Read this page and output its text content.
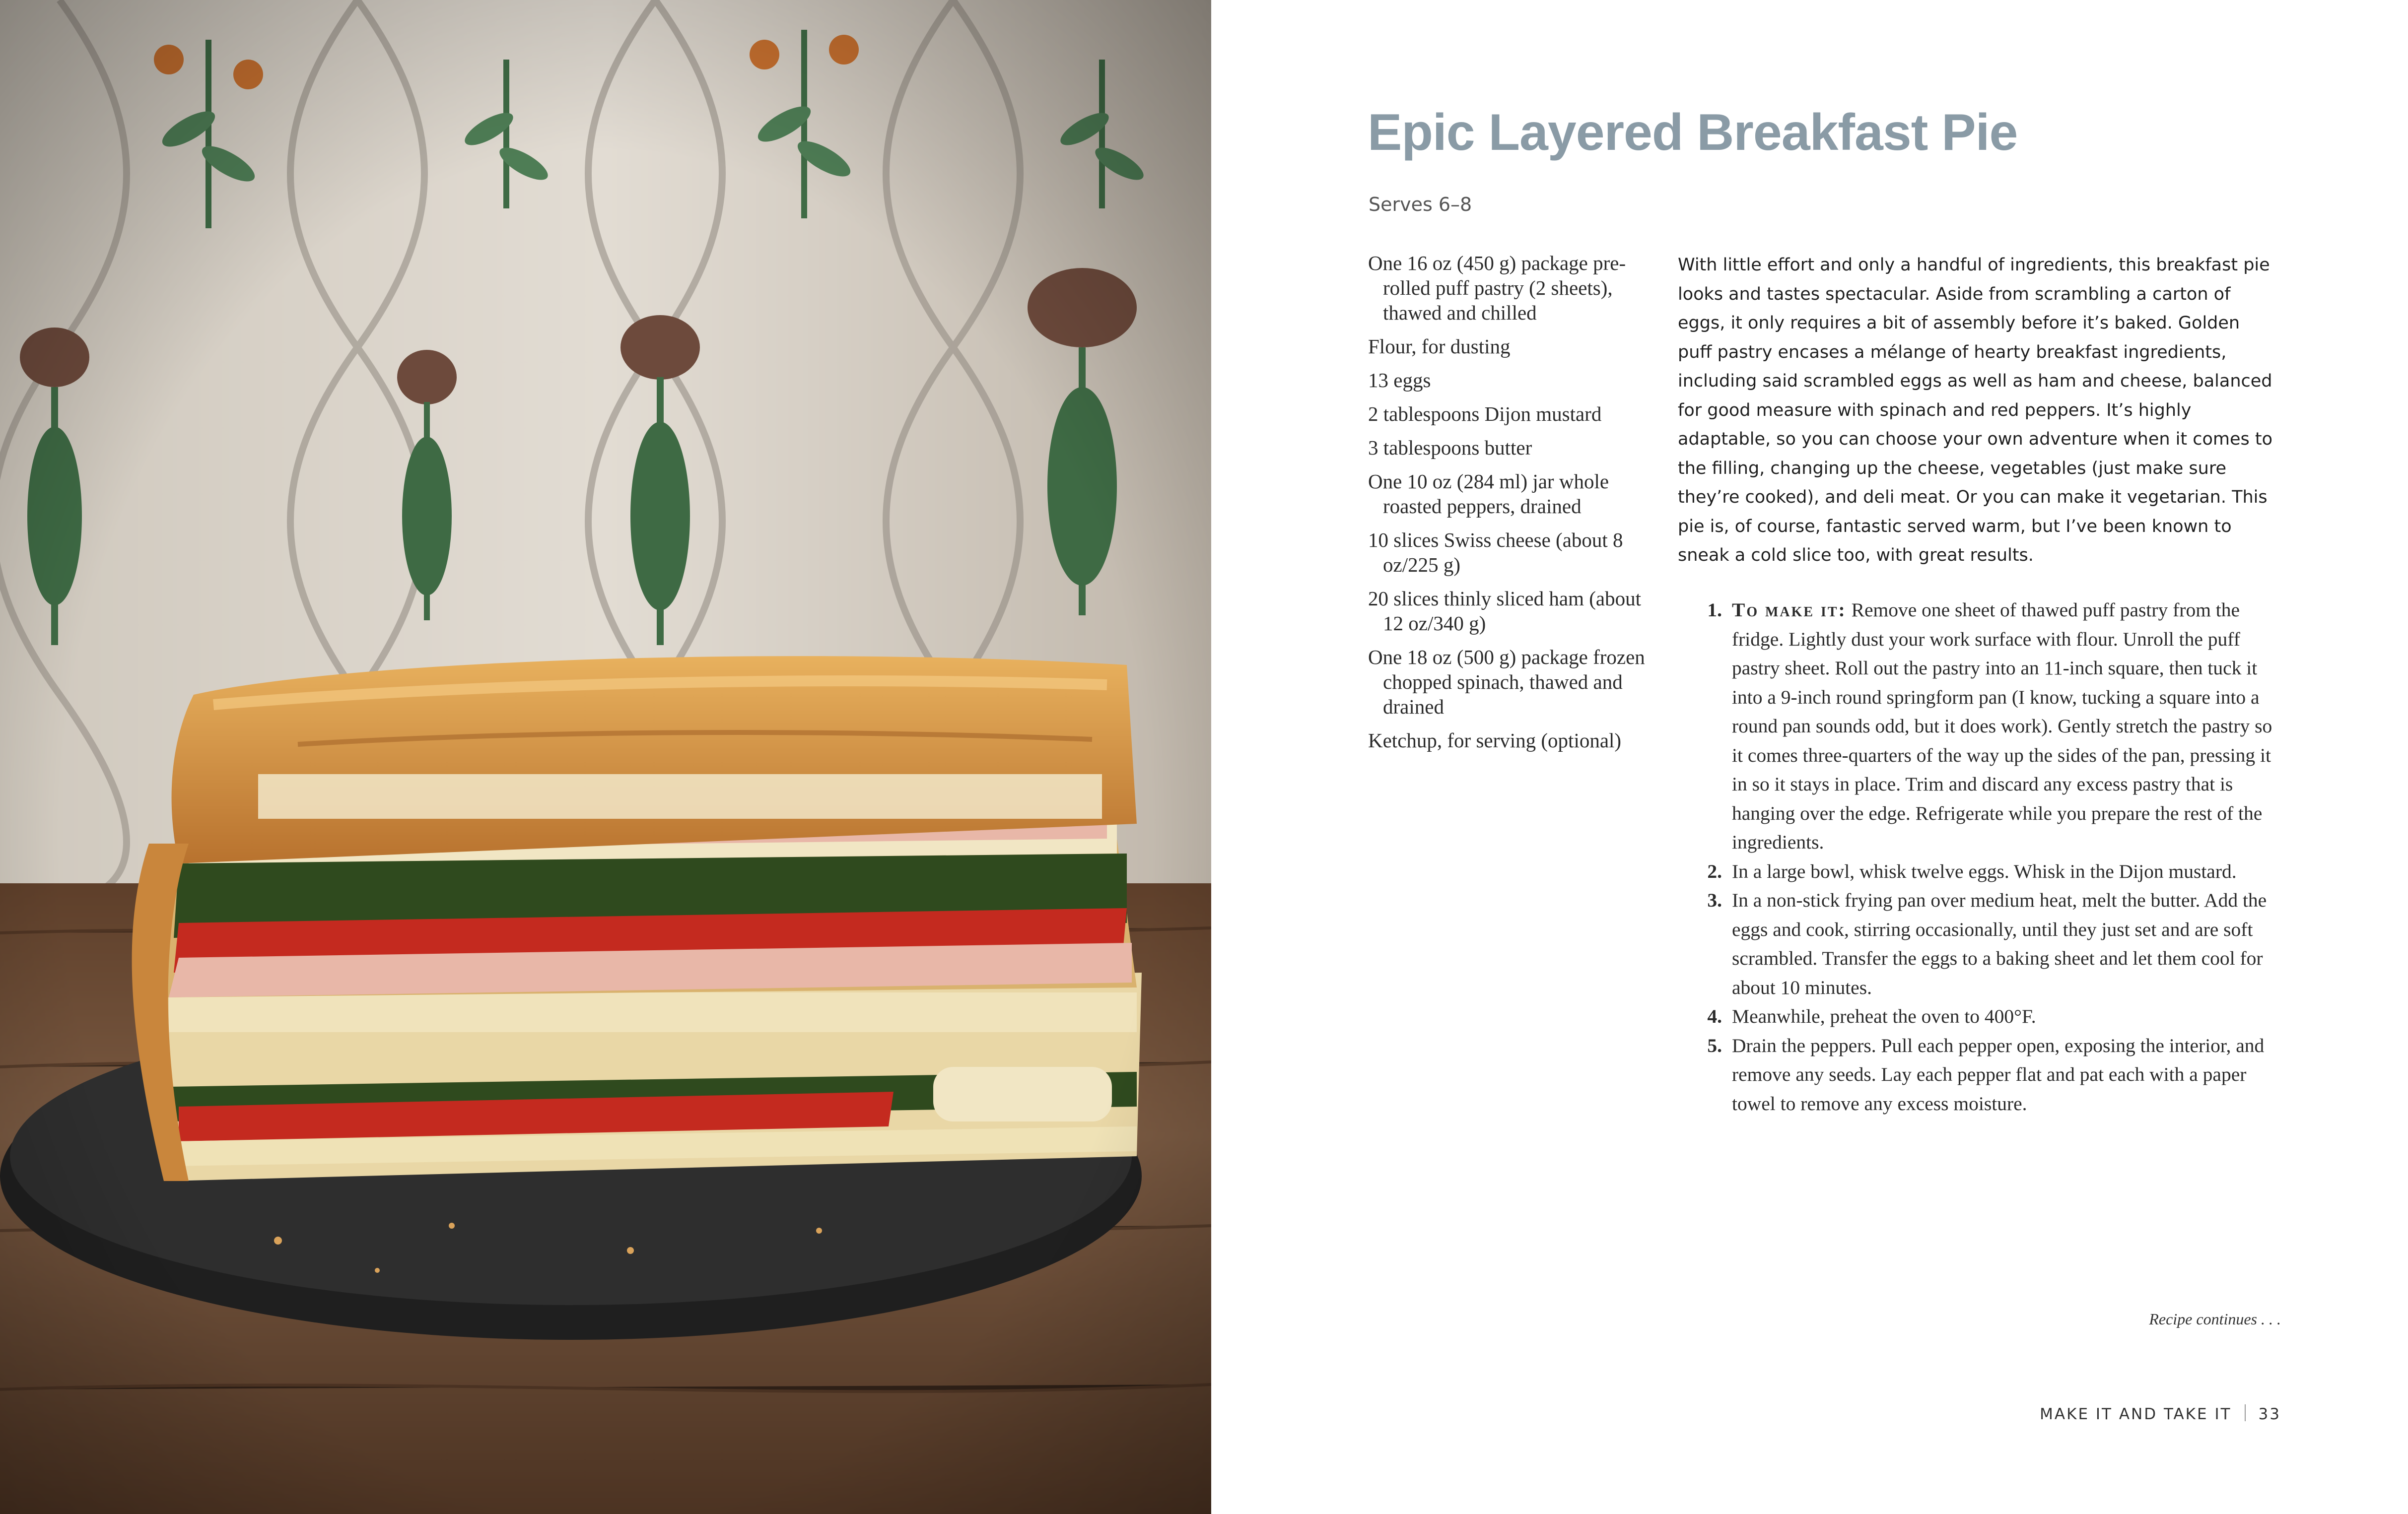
Epic Layered Breakfast Pie
Serves 6–8
One 16 oz (450 g) package pre-rolled puff pastry (2 sheets), thawed and chilled
Flour, for dusting
13 eggs
2 tablespoons Dijon mustard
3 tablespoons butter
One 10 oz (284 ml) jar whole roasted peppers, drained
10 slices Swiss cheese (about 8 oz/225 g)
20 slices thinly sliced ham (about 12 oz/340 g)
One 18 oz (500 g) package frozen chopped spinach, thawed and drained
Ketchup, for serving (optional)

With little effort and only a handful of ingredients, this breakfast pie looks and tastes spectacular. Aside from scrambling a carton of eggs, it only requires a bit of assembly before it’s baked. Golden puff pastry encases a mélange of hearty breakfast ingredients, including said scrambled eggs as well as ham and cheese, balanced for good measure with spinach and red peppers. It’s highly adaptable, so you can choose your own adventure when it comes to the filling, changing up the cheese, vegetables (just make sure they’re cooked), and deli meat. Or you can make it vegetarian. This pie is, of course, fantastic served warm, but I’ve been known to sneak a cold slice too, with great results.

1. To make it: Remove one sheet of thawed puff pastry from the fridge. Lightly dust your work surface with flour. Unroll the puff pastry sheet. Roll out the pastry into an 11-inch square, then tuck it into a 9-inch round springform pan (I know, tucking a square into a round pan sounds odd, but it does work). Gently stretch the pastry so it comes three-quarters of the way up the sides of the pan, pressing it in so it stays in place. Trim and discard any excess pastry that is hanging over the edge. Refrigerate while you prepare the rest of the ingredients.
2. In a large bowl, whisk twelve eggs. Whisk in the Dijon mustard.
3. In a non-stick frying pan over medium heat, melt the butter. Add the eggs and cook, stirring occasionally, until they just set and are soft scrambled. Transfer the eggs to a baking sheet and let them cool for about 10 minutes.
4. Meanwhile, preheat the oven to 400°F.
5. Drain the peppers. Pull each pepper open, exposing the interior, and remove any seeds. Lay each pepper flat and pat each with a paper towel to remove any excess moisture.
Recipe continues . . .
MAKE IT AND TAKE IT 33
